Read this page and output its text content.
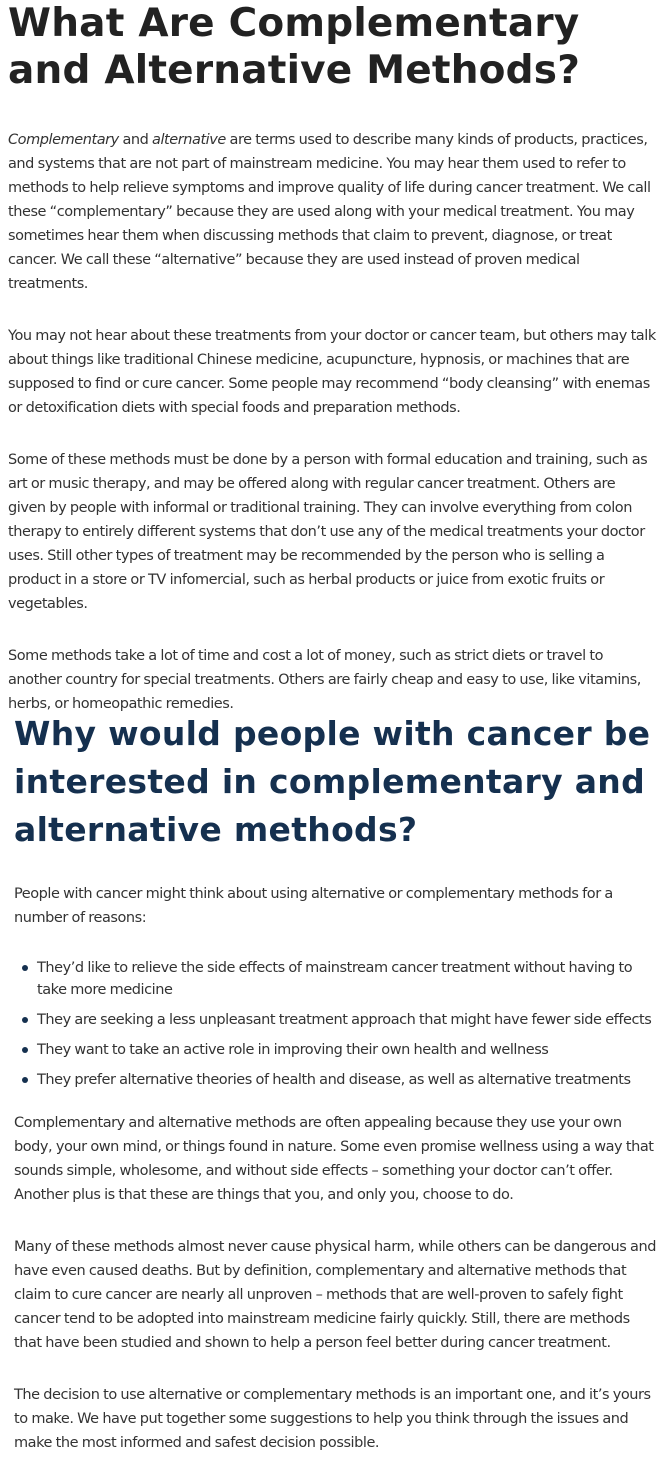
What Are Complementary and Alternative Methods?

Complementary and alternative are terms used to describe many kinds of products, practices, and systems that are not part of mainstream medicine. You may hear them used to refer to methods to help relieve symptoms and improve quality of life during cancer treatment. We call these “complementary” because they are used along with your medical treatment. You may sometimes hear them when discussing methods that claim to prevent, diagnose, or treat cancer. We call these “alternative” because they are used instead of proven medical treatments.

You may not hear about these treatments from your doctor or cancer team, but others may talk about things like traditional Chinese medicine, acupuncture, hypnosis, or machines that are supposed to find or cure cancer. Some people may recommend “body cleansing” with enemas or detoxification diets with special foods and preparation methods.

Some of these methods must be done by a person with formal education and training, such as art or music therapy, and may be offered along with regular cancer treatment. Others are given by people with informal or traditional training. They can involve everything from colon therapy to entirely different systems that don’t use any of the medical treatments your doctor uses. Still other types of treatment may be recommended by the person who is selling a product in a store or TV infomercial, such as herbal products or juice from exotic fruits or vegetables.

Some methods take a lot of time and cost a lot of money, such as strict diets or travel to another country for special treatments. Others are fairly cheap and easy to use, like vitamins, herbs, or homeopathic remedies.

Why would people with cancer be interested in complementary and alternative methods?

People with cancer might think about using alternative or complementary methods for a number of reasons:

They’d like to relieve the side effects of mainstream cancer treatment without having to take more medicine
They are seeking a less unpleasant treatment approach that might have fewer side effects
They want to take an active role in improving their own health and wellness
They prefer alternative theories of health and disease, as well as alternative treatments

Complementary and alternative methods are often appealing because they use your own body, your own mind, or things found in nature. Some even promise wellness using a way that sounds simple, wholesome, and without side effects – something your doctor can’t offer. Another plus is that these are things that you, and only you, choose to do.

Many of these methods almost never cause physical harm, while others can be dangerous and have even caused deaths. But by definition, complementary and alternative methods that claim to cure cancer are nearly all unproven – methods that are well-proven to safely fight cancer tend to be adopted into mainstream medicine fairly quickly. Still, there are methods that have been studied and shown to help a person feel better during cancer treatment.

The decision to use alternative or complementary methods is an important one, and it’s yours to make. We have put together some suggestions to help you think through the issues and make the most informed and safest decision possible.
